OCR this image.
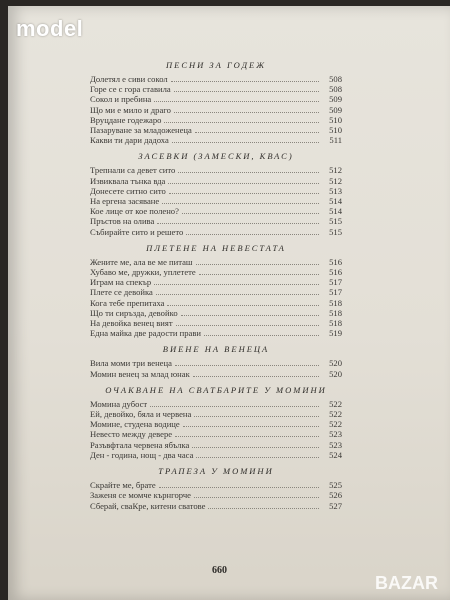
model
ПЕСНИ ЗА ГОДЕЖ
Долетял е сиви сокол	508
Горе се с гора ставила	508
Сокол и пребина	509
Що ми е мило и драго	509
Вруцдане годежаро	510
Пазаруване за младоженеца	510
Какви ти дари дадоха	511
ЗАСЕВКИ (ЗАМЕСКИ, КВАС)
Трепнали са девет сито	512
Извиквала тънка вда	512
Донесете ситно сито	513
На ергена засяване	514
Кое лице от кое полено?	514
Пръстов на олива	515
Събирайте сито и решето	515
ПЛЕТЕНЕ НА НЕВЕСТАТА
Жените ме, ала ве ме питаш	516
Хубаво ме, дружки, уплетете	516
Играм на спекър	517
Плете се девойка	517
Кога тебе препитаха	518
Що ти сиръзда, девойко	518
На девойка венец вият	518
Една майка две радости прави	519
ВИЕНЕ НА ВЕНЕЦА
Вила моми три венеца	520
Момин венец за млад юнак	520
ОЧАКВАНЕ НА СВАТБАРИТЕ У МОМИНИ
Момина дубост	522
Ей, девойко, бяла и червена	522
Момине, студена водице	522
Невесто между девере	523
Разъвфтала червена ябълка	523
Ден - година, нощ - два часа	524
ТРАПЕЗА У МОМИНИ
Скрайте ме, брате	525
Заженя се момче кърнгорче	526
Сберай, сваКре, китени сватове	527
660
BAZAR
